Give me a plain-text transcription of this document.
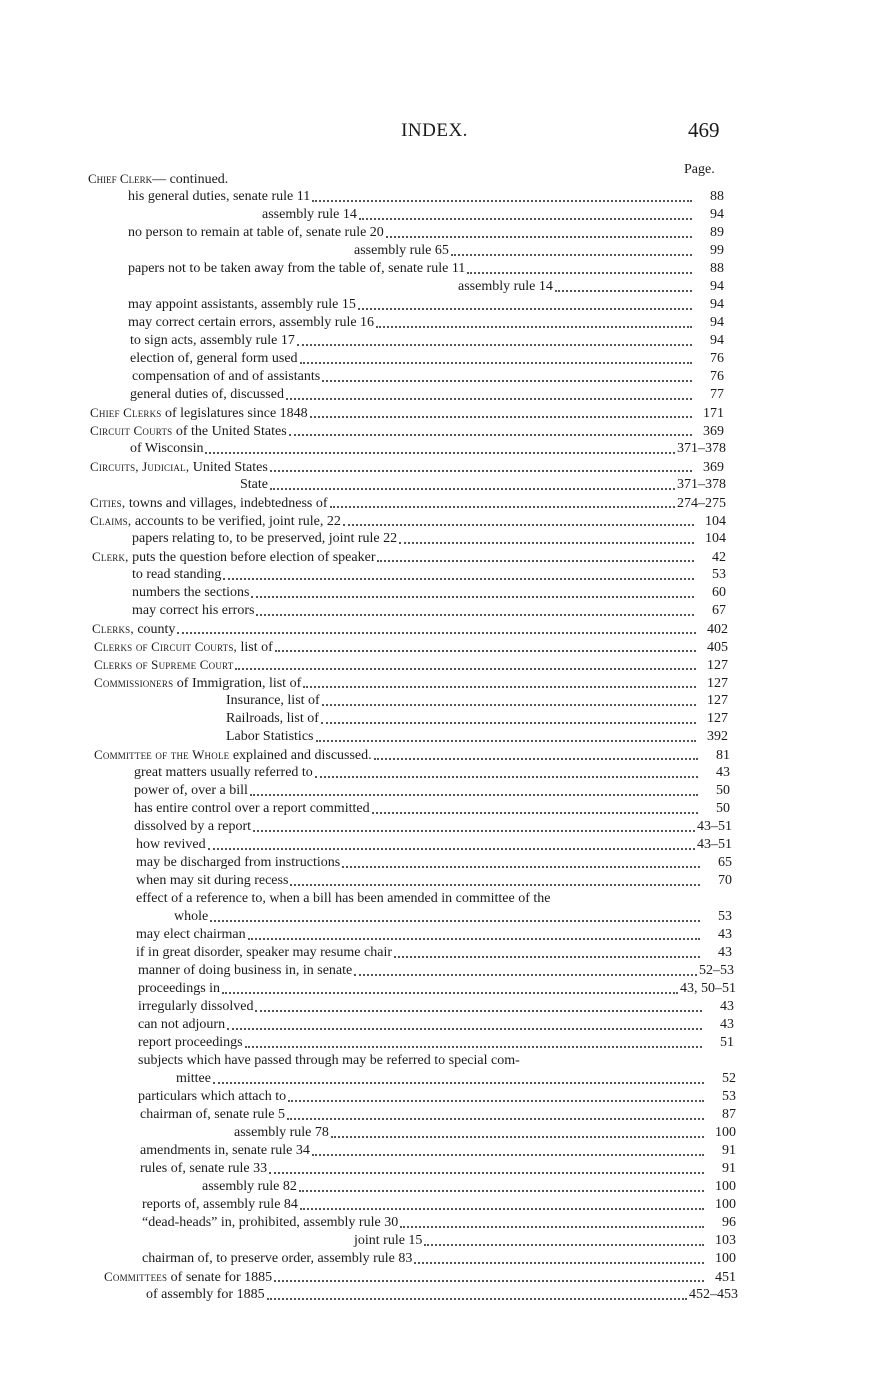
INDEX.	469
Page.
Chief Clerk— continued.
his general duties, senate rule 11	88
assembly rule 14	94
no person to remain at table of, senate rule 20	89
assembly rule 65	99
papers not to be taken away from the table of, senate rule 11	88
assembly rule 14	94
may appoint assistants, assembly rule 15	94
may correct certain errors, assembly rule 16	94
to sign acts, assembly rule 17	94
election of, general form used	76
compensation of and of assistants	76
general duties of, discussed	77
Chief Clerks of legislatures since 1848	171
Circuit Courts of the United States	369
of Wisconsin	371–378
Circuits, Judicial, United States	369
State	371–378
Cities, towns and villages, indebtedness of	274–275
Claims, accounts to be verified, joint rule, 22	104
papers relating to, to be preserved, joint rule 22	104
Clerk, puts the question before election of speaker	42
to read standing	53
numbers the sections	60
may correct his errors	67
Clerks, county	402
Clerks of Circuit Courts, list of	405
Clerks of Supreme Court	127
Commissioners of Immigration, list of	127
Insurance, list of	127
Railroads, list of	127
Labor Statistics	392
Committee of the Whole explained and discussed.	81
great matters usually referred to	43
power of, over a bill	50
has entire control over a report committed	50
dissolved by a report	43–51
how revived	43–51
may be discharged from instructions	65
when may sit during recess	70
effect of a reference to, when a bill has been amended in committee of the
whole	53
may elect chairman	43
if in great disorder, speaker may resume chair	43
manner of doing business in, in senate	52–53
proceedings in	43, 50–51
irregularly dissolved	43
can not adjourn	43
report proceedings	51
subjects which have passed through may be referred to special com-
mittee	52
particulars which attach to	53
chairman of, senate rule 5	87
assembly rule 78	100
amendments in, senate rule 34	91
rules of, senate rule 33	91
assembly rule 82	100
reports of, assembly rule 84	100
“dead-heads” in, prohibited, assembly rule 30	96
joint rule 15	103
chairman of, to preserve order, assembly rule 83	100
Committees of senate for 1885	451
of assembly for 1885	452–453
